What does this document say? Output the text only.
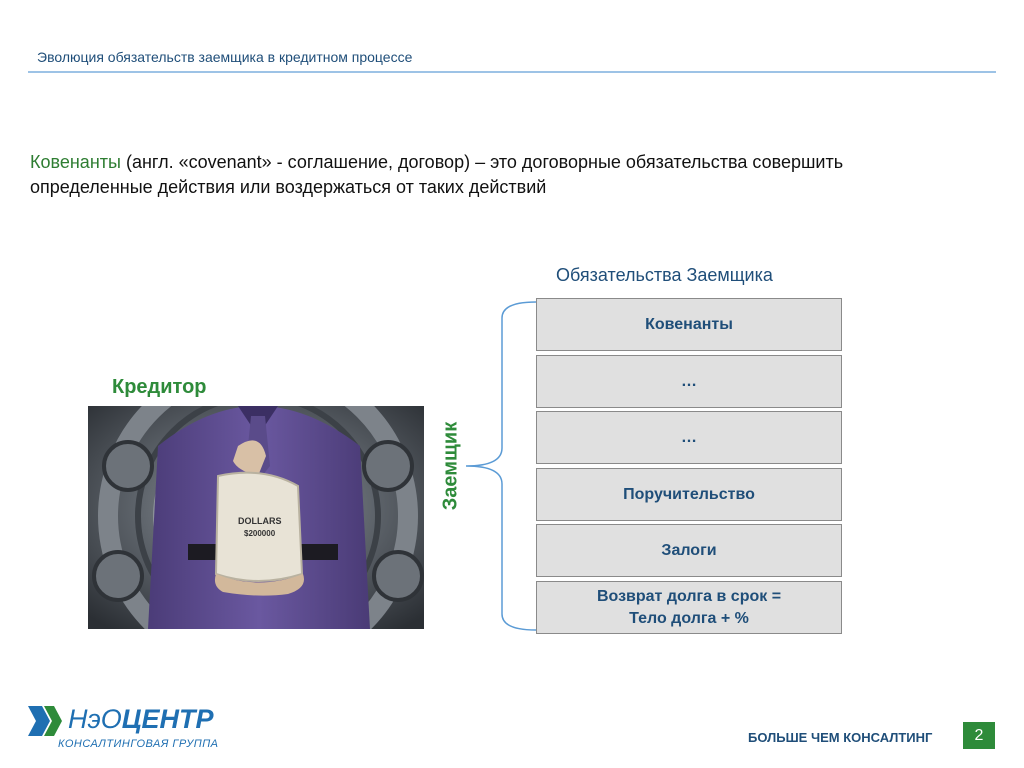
Эволюция обязательств заемщика в кредитном процессе
Ковенанты (англ. «covenant» - соглашение, договор) – это договорные обязательства совершить определенные действия или воздержаться от таких действий
Обязательства Заемщика
Кредитор
DOLLARS
$200000
Заемщик
Ковенанты
…
…
Поручительство
Залоги
Возврат долга в срок = Тело долга + %
НэОЦЕНТР
КОНСАЛТИНГОВАЯ ГРУППА	БОЛЬШЕ ЧЕМ КОНСАЛТИНГ	2
